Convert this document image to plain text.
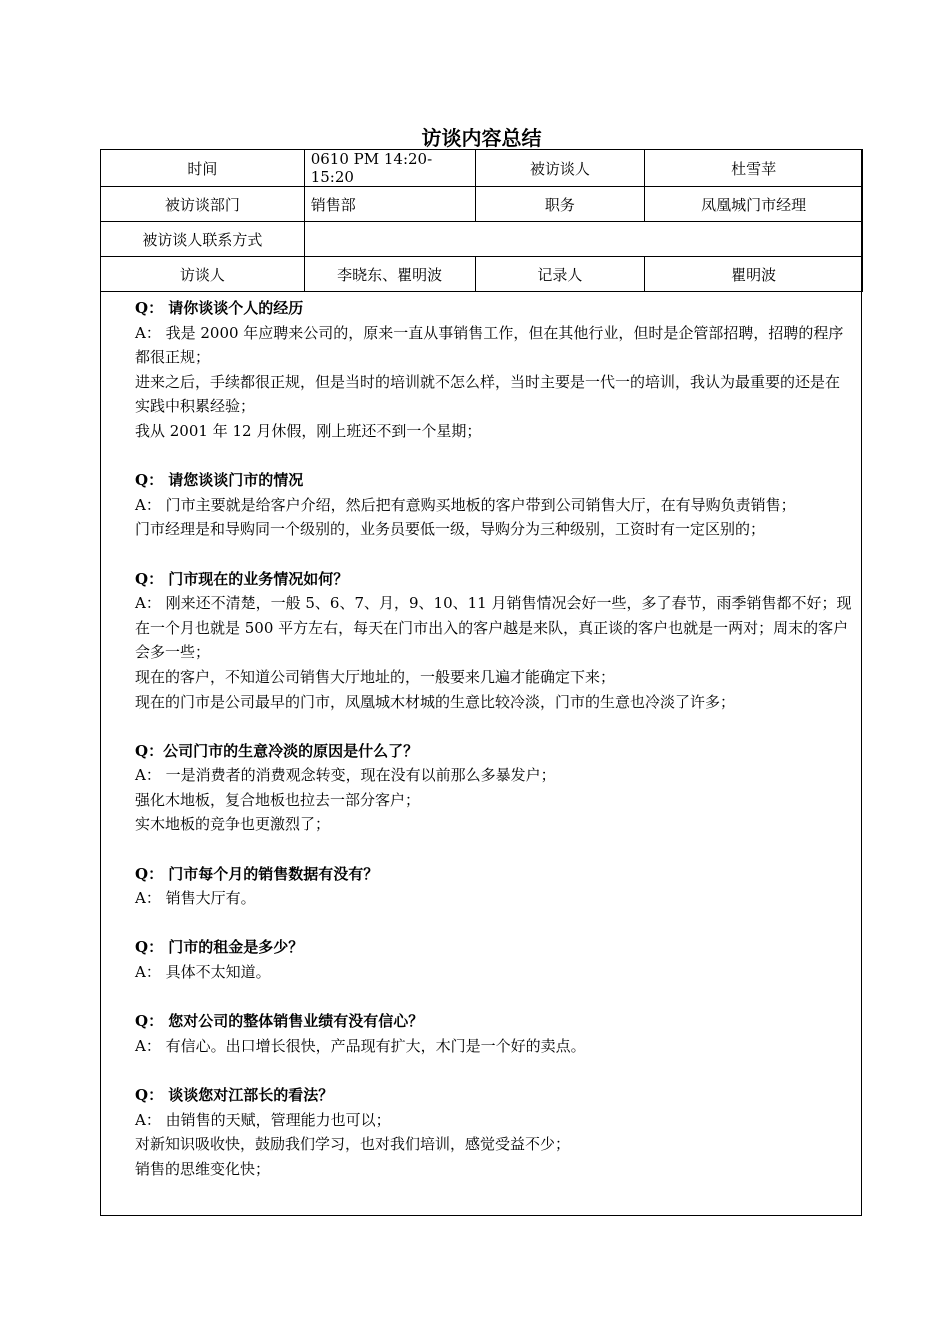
访谈内容总结
时间	0610 PM 14:20-15:20	被访谈人	杜雪苹
被访谈部门	销售部	职务	凤凰城门市经理
被访谈人联系方式			
访谈人	李晓东、瞿明波	记录人	瞿明波

Q： 请你谈谈个人的经历

A： 我是 2000 年应聘来公司的，原来一直从事销售工作，但在其他行业，但时是企管部招聘，招聘的程序都很正规；

进来之后，手续都很正规，但是当时的培训就不怎么样，当时主要是一代一的培训，我认为最重要的还是在实践中积累经验；

我从 2001 年 12 月休假，刚上班还不到一个星期；

Q： 请您谈谈门市的情况

A： 门市主要就是给客户介绍，然后把有意购买地板的客户带到公司销售大厅，在有导购负责销售；

门市经理是和导购同一个级别的，业务员要低一级，导购分为三种级别，工资时有一定区别的；

Q： 门市现在的业务情况如何？

A： 刚来还不清楚，一般 5、6、7、月，9、10、11 月销售情况会好一些，多了春节，雨季销售都不好；现在一个月也就是 500 平方左右，每天在门市出入的客户越是来队，真正谈的客户也就是一两对；周末的客户会多一些；

现在的客户，不知道公司销售大厅地址的，一般要来几遍才能确定下来；

现在的门市是公司最早的门市，凤凰城木材城的生意比较冷淡，门市的生意也冷淡了许多；

Q：公司门市的生意冷淡的原因是什么了？

A： 一是消费者的消费观念转变，现在没有以前那么多暴发户；

强化木地板，复合地板也拉去一部分客户；

实木地板的竞争也更激烈了；

Q： 门市每个月的销售数据有没有？

A： 销售大厅有。

Q： 门市的租金是多少？

A： 具体不太知道。

Q： 您对公司的整体销售业绩有没有信心？

A： 有信心。出口增长很快，产品现有扩大，木门是一个好的卖点。

Q： 谈谈您对江部长的看法？

A： 由销售的天赋，管理能力也可以；

对新知识吸收快，鼓励我们学习，也对我们培训，感觉受益不少；

销售的思维变化快；
